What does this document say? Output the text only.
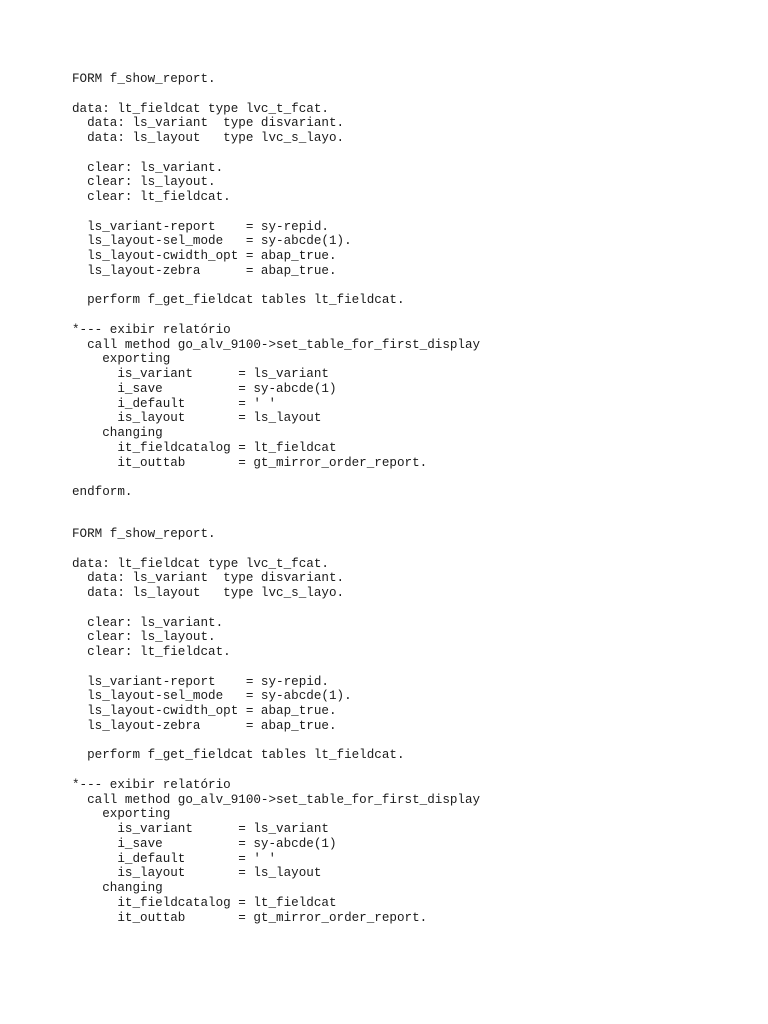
FORM f_show_report.

data: lt_fieldcat type lvc_t_fcat.
data: ls_variant  type disvariant.
data: ls_layout   type lvc_s_layo.

clear: ls_variant.
clear: ls_layout.
clear: lt_fieldcat.

ls_variant-report    = sy-repid.
ls_layout-sel_mode   = sy-abcde(1).
ls_layout-cwidth_opt = abap_true.
ls_layout-zebra      = abap_true.

perform f_get_fieldcat tables lt_fieldcat.

*--- exibir relatório
call method go_alv_9100->set_table_for_first_display
exporting
is_variant      = ls_variant
i_save          = sy-abcde(1)
i_default       = ' '
is_layout       = ls_layout
changing
it_fieldcatalog = lt_fieldcat
it_outtab       = gt_mirror_order_report.

endform.
FORM f_show_report.

data: lt_fieldcat type lvc_t_fcat.
data: ls_variant  type disvariant.
data: ls_layout   type lvc_s_layo.

clear: ls_variant.
clear: ls_layout.
clear: lt_fieldcat.

ls_variant-report    = sy-repid.
ls_layout-sel_mode   = sy-abcde(1).
ls_layout-cwidth_opt = abap_true.
ls_layout-zebra      = abap_true.

perform f_get_fieldcat tables lt_fieldcat.

*--- exibir relatório
call method go_alv_9100->set_table_for_first_display
exporting
is_variant      = ls_variant
i_save          = sy-abcde(1)
i_default       = ' '
is_layout       = ls_layout
changing
it_fieldcatalog = lt_fieldcat
it_outtab       = gt_mirror_order_report.
